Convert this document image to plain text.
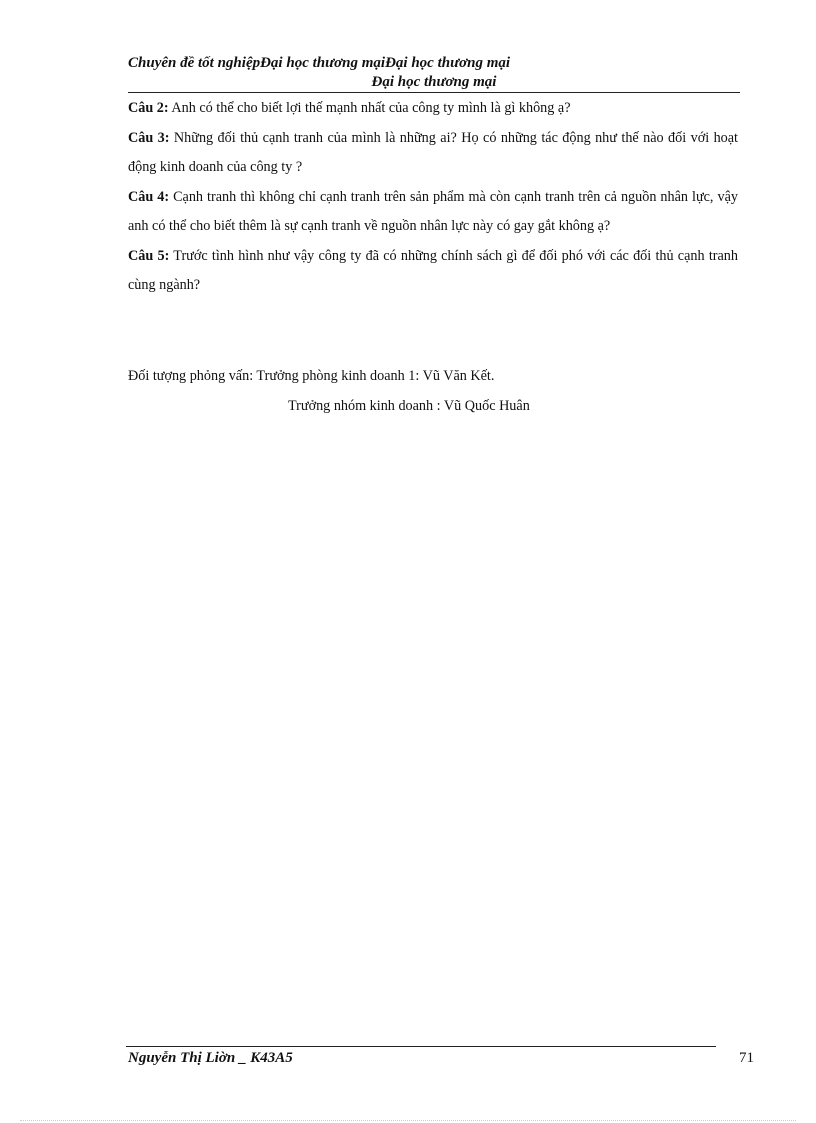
Chuyên đề tốt nghiệpĐại học thương mạiĐại học thương mại
Đại học thương mại

Câu 2: Anh có thể cho biết lợi thế mạnh nhất của công ty mình là gì không ạ?

Câu 3: Những đối thủ cạnh tranh của mình là những ai? Họ có những tác động như thế nào đối với hoạt động kinh doanh của công ty ?

Câu 4: Cạnh tranh thì không chỉ cạnh tranh trên sản phẩm mà còn cạnh tranh trên cả nguồn nhân lực, vậy anh có thể cho biết thêm là sự cạnh tranh về nguồn nhân lực này có gay gắt không ạ?

Câu 5: Trước tình hình như vậy công ty đã có những chính sách gì để đối phó với các đối thủ cạnh tranh cùng ngành?

Đối tượng phỏng vấn: Trưởng phòng kinh doanh 1: Vũ Văn Kết.
Trưởng nhóm kinh doanh : Vũ Quốc Huân
Nguyễn Thị Liờn _ K43A5	71
